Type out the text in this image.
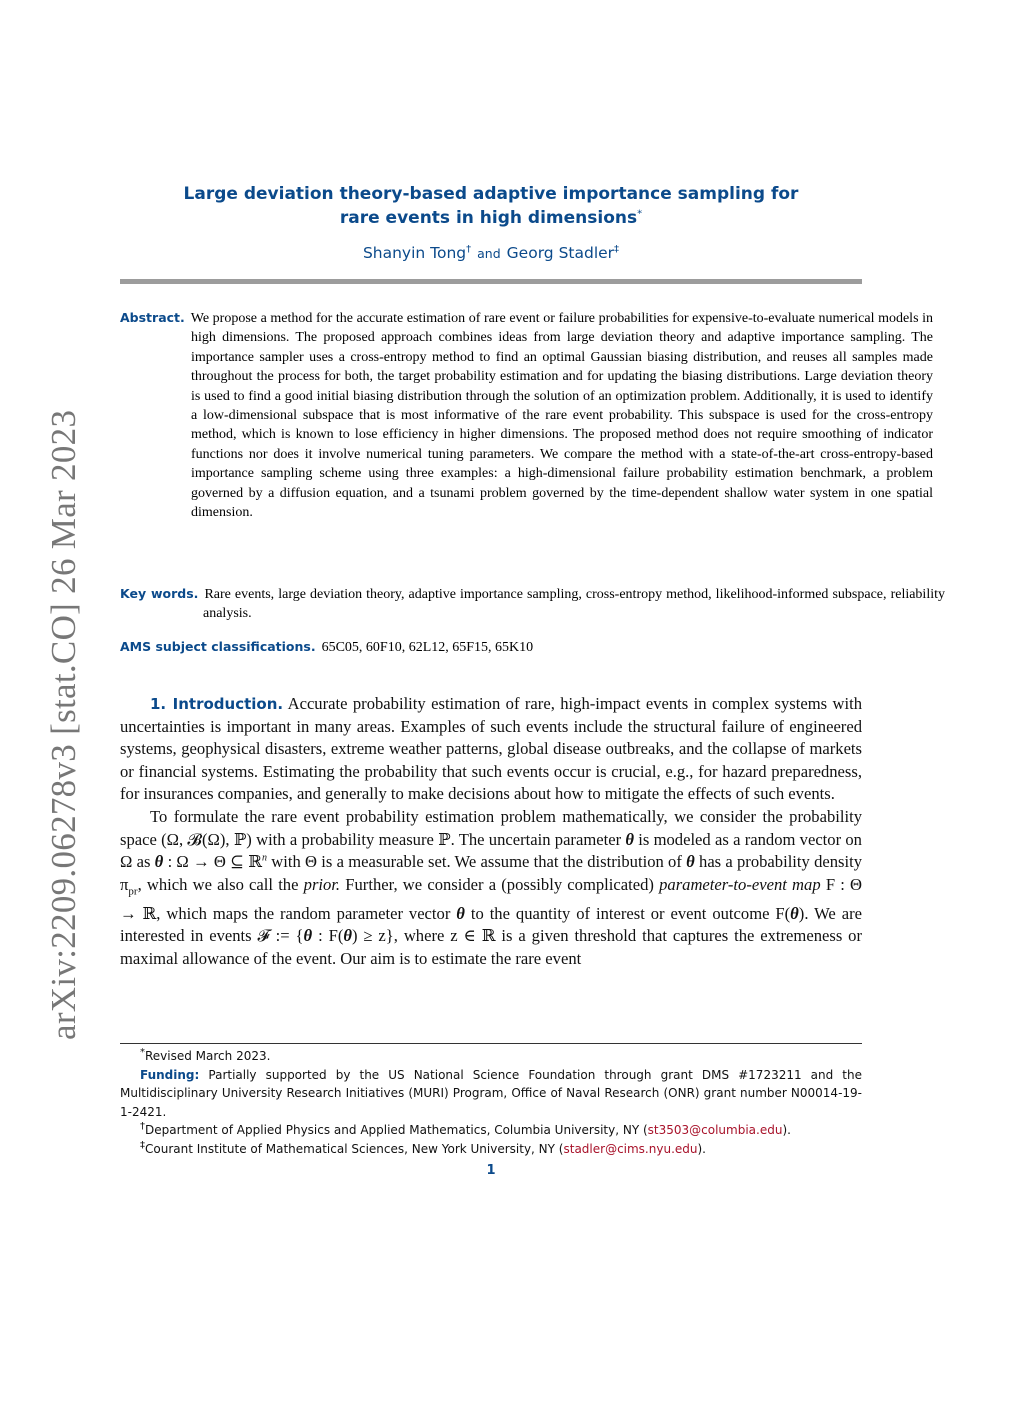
arXiv:2209.06278v3 [stat.CO] 26 Mar 2023
Large deviation theory-based adaptive importance sampling for
rare events in high dimensions*
Shanyin Tong† and Georg Stadler‡
Abstract. We propose a method for the accurate estimation of rare event or failure probabilities for expensive-to-evaluate numerical models in high dimensions. The proposed approach combines ideas from large deviation theory and adaptive importance sampling. The importance sampler uses a cross-entropy method to find an optimal Gaussian biasing distribution, and reuses all samples made throughout the process for both, the target probability estimation and for updating the biasing distributions. Large deviation theory is used to find a good initial biasing distribution through the solution of an optimization problem. Additionally, it is used to identify a low-dimensional subspace that is most informative of the rare event probability. This subspace is used for the cross-entropy method, which is known to lose efficiency in higher dimensions. The proposed method does not require smoothing of indicator functions nor does it involve numerical tuning parameters. We compare the method with a state-of-the-art cross-entropy-based importance sampling scheme using three examples: a high-dimensional failure probability estimation benchmark, a problem governed by a diffusion equation, and a tsunami problem governed by the time-dependent shallow water system in one spatial dimension.
Key words. Rare events, large deviation theory, adaptive importance sampling, cross-entropy method, likelihood-informed subspace, reliability analysis.
AMS subject classifications. 65C05, 60F10, 62L12, 65F15, 65K10

1. Introduction. Accurate probability estimation of rare, high-impact events in complex systems with uncertainties is important in many areas. Examples of such events include the structural failure of engineered systems, geophysical disasters, extreme weather patterns, global disease outbreaks, and the collapse of markets or financial systems. Estimating the probability that such events occur is crucial, e.g., for hazard preparedness, for insurances companies, and generally to make decisions about how to mitigate the effects of such events.

To formulate the rare event probability estimation problem mathematically, we consider the probability space (Ω, 𝓑(Ω), ℙ) with a probability measure ℙ. The uncertain parameter θ is modeled as a random vector on Ω as θ : Ω → Θ ⊆ ℝ$^n$ with Θ is a measurable set. We assume that the distribution of θ has a probability density $\pi_{pr}$, which we also call the prior. Further, we consider a (possibly complicated) parameter-to-event map F : Θ → ℝ, which maps the random parameter vector θ to the quantity of interest or event outcome F(θ). We are interested in events 𝓕 := {θ : F(θ) ≥ z}, where z ∈ ℝ is a given threshold that captures the extremeness or maximal allowance of the event. Our aim is to estimate the rare event

*Revised March 2023.

Funding: Partially supported by the US National Science Foundation through grant DMS #1723211 and the Multidisciplinary University Research Initiatives (MURI) Program, Office of Naval Research (ONR) grant number N00014-19-1-2421.

†Department of Applied Physics and Applied Mathematics, Columbia University, NY (st3503@columbia.edu).

‡Courant Institute of Mathematical Sciences, New York University, NY (stadler@cims.nyu.edu).

1
